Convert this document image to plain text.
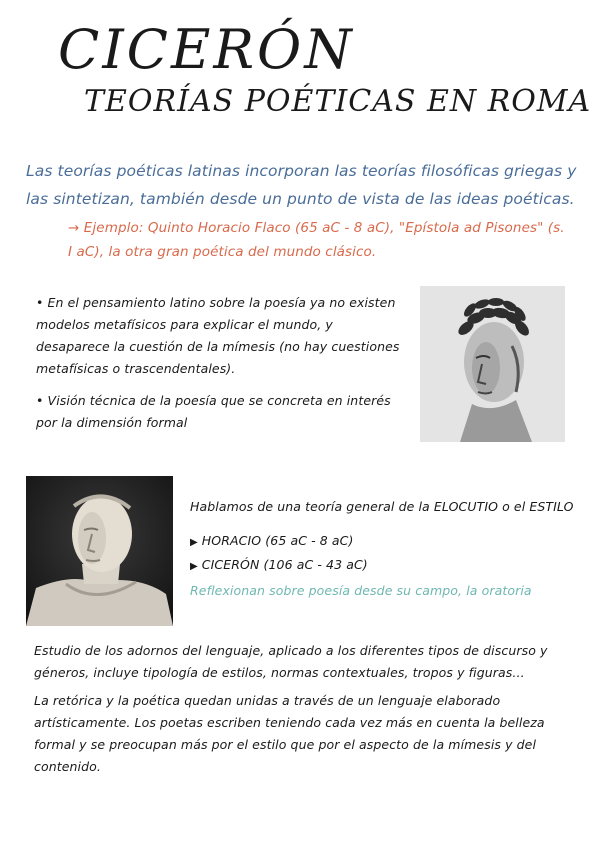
CICERÓN
TEORÍAS POÉTICAS EN ROMA
Las teorías poéticas latinas incorporan las teorías filosóficas griegas y las sintetizan, también desde un punto de vista de las ideas poéticas.
→ Ejemplo: Quinto Horacio Flaco (65 aC - 8 aC), "Epístola ad Pisones" (s. I aC), la otra gran poética del mundo clásico.

• En el pensamiento latino sobre la poesía ya no existen modelos metafísicos para explicar el mundo, y desaparece la cuestión de la mímesis (no hay cuestiones metafísicas o trascendentales).

• Visión técnica de la poesía que se concreta en interés por la dimensión formal

Hablamos de una teoría general de la ELOCUTIO o el ESTILO

▶ HORACIO (65 aC - 8 aC)

▶ CICERÓN (106 aC - 43 aC)

Reflexionan sobre poesía desde su campo, la oratoria

Estudio de los adornos del lenguaje, aplicado a los diferentes tipos de discurso y géneros, incluye tipología de estilos, normas contextuales, tropos y figuras...

La retórica y la poética quedan unidas a través de un lenguaje elaborado artísticamente. Los poetas escriben teniendo cada vez más en cuenta la belleza formal y se preocupan más por el estilo que por el aspecto de la mímesis y del contenido.
